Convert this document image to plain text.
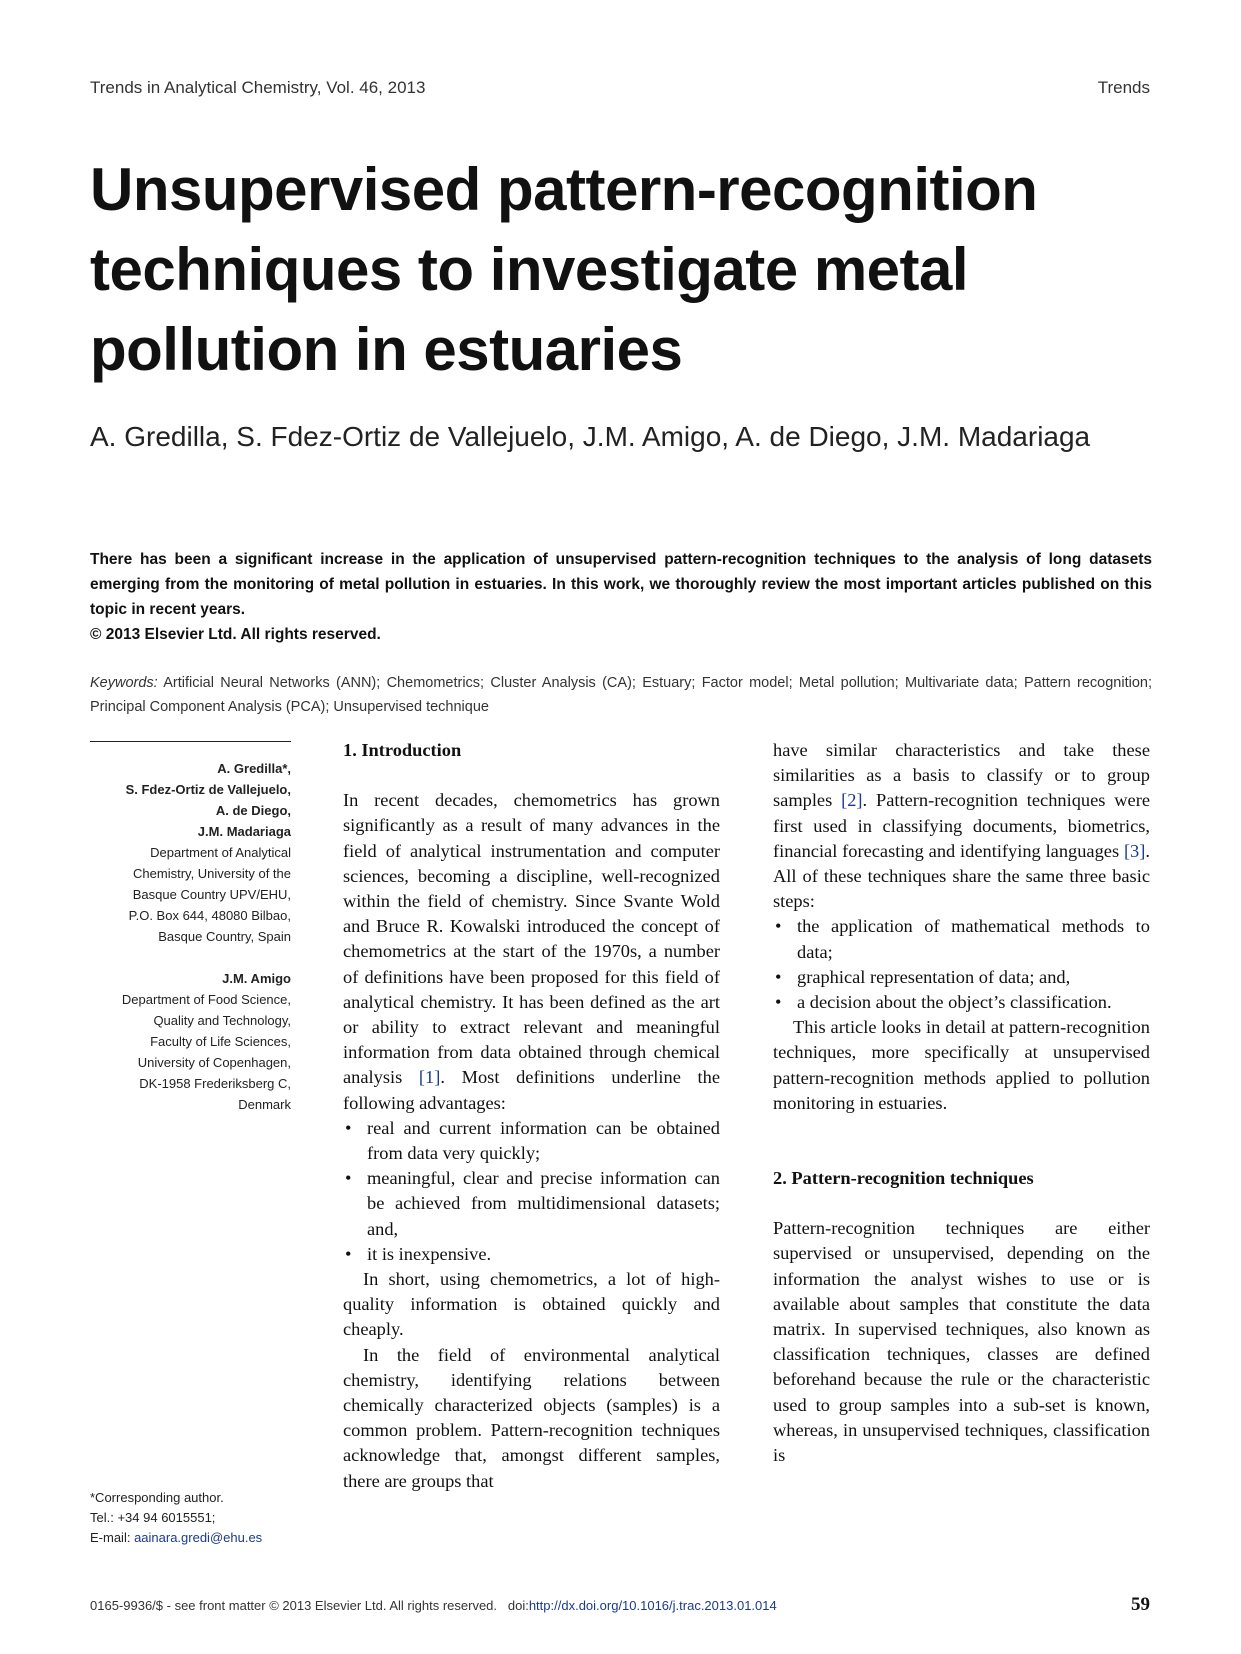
Trends in Analytical Chemistry, Vol. 46, 2013	Trends
Unsupervised pattern-recognition techniques to investigate metal pollution in estuaries

A. Gredilla, S. Fdez-Ortiz de Vallejuelo, J.M. Amigo, A. de Diego, J.M. Madariaga

There has been a significant increase in the application of unsupervised pattern-recognition techniques to the analysis of long datasets emerging from the monitoring of metal pollution in estuaries. In this work, we thoroughly review the most important articles published on this topic in recent years.
© 2013 Elsevier Ltd. All rights reserved.

Keywords: Artificial Neural Networks (ANN); Chemometrics; Cluster Analysis (CA); Estuary; Factor model; Metal pollution; Multivariate data; Pattern recognition; Principal Component Analysis (PCA); Unsupervised technique

A. Gredilla*,
S. Fdez-Ortiz de Vallejuelo,
A. de Diego,
J.M. Madariaga
Department of Analytical
Chemistry, University of the
Basque Country UPV/EHU,
P.O. Box 644, 48080 Bilbao,
Basque Country, Spain
J.M. Amigo
Department of Food Science,
Quality and Technology,
Faculty of Life Sciences,
University of Copenhagen,
DK-1958 Frederiksberg C,
Denmark
*Corresponding author.
Tel.: +34 94 6015551;
E-mail: aainara.gredi@ehu.es
1. Introduction

In recent decades, chemometrics has grown significantly as a result of many advances in the field of analytical instrumentation and computer sciences, becoming a discipline, well-recognized within the field of chemistry. Since Svante Wold and Bruce R. Kowalski introduced the concept of chemometrics at the start of the 1970s, a number of definitions have been proposed for this field of analytical chemistry. It has been defined as the art or ability to extract relevant and meaningful information from data obtained through chemical analysis [1]. Most definitions underline the following advantages:

• real and current information can be obtained from data very quickly;
• meaningful, clear and precise information can be achieved from multidimensional datasets; and,
• it is inexpensive.

In short, using chemometrics, a lot of high-quality information is obtained quickly and cheaply.

In the field of environmental analytical chemistry, identifying relations between chemically characterized objects (samples) is a common problem. Pattern-recognition techniques acknowledge that, amongst different samples, there are groups that

have similar characteristics and take these similarities as a basis to classify or to group samples [2]. Pattern-recognition techniques were first used in classifying documents, biometrics, financial forecasting and identifying languages [3]. All of these techniques share the same three basic steps:

• the application of mathematical methods to data;
• graphical representation of data; and,
• a decision about the object’s classification.

This article looks in detail at pattern-recognition techniques, more specifically at unsupervised pattern-recognition methods applied to pollution monitoring in estuaries.

2. Pattern-recognition techniques

Pattern-recognition techniques are either supervised or unsupervised, depending on the information the analyst wishes to use or is available about samples that constitute the data matrix. In supervised techniques, also known as classification techniques, classes are defined beforehand because the rule or the characteristic used to group samples into a sub-set is known, whereas, in unsupervised techniques, classification is

0165-9936/$ - see front matter © 2013 Elsevier Ltd. All rights reserved. doi:http://dx.doi.org/10.1016/j.trac.2013.01.014	59
